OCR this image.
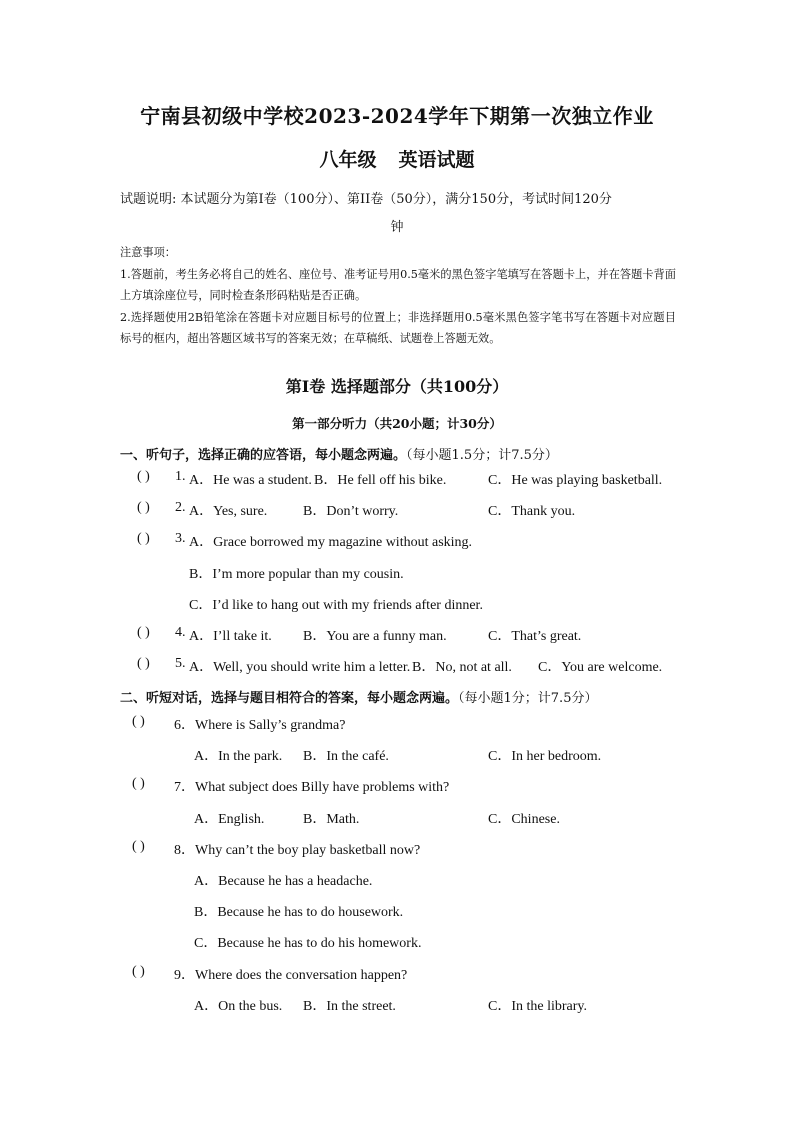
宁南县初级中学校2023-2024学年下期第一次独立作业
八年级 英语试题
试题说明: 本试题分为第I卷（100分）、第II卷（50分），满分150分，考试时间120分
钟
注意事项：
1.答题前，考生务必将自己的姓名、座位号、准考证号用0.5毫米的黑色签字笔填写在答题卡上，并在答题卡背面上方填涂座位号，同时检查条形码粘贴是否正确。
2.选择题使用2B铅笔涂在答题卡对应题目标号的位置上；非选择题用0.5毫米黑色签字笔书写在答题卡对应题目标号的框内，超出答题区域书写的答案无效；在草稿纸、试题卷上答题无效。
第I卷 选择题部分（共100分）
第一部分听力（共20小题；计30分）
一、听句子，选择正确的应答语，每小题念两遍。（每小题1.5分；计7.5分）
( ) 1. A．He was a student. B．He fell off his bike.	C．He was playing basketball.
( ) 2. A．Yes, sure.	B．Don’t worry.	C．Thank you.
( ) 3. A．Grace borrowed my magazine without asking.
B．I’m more popular than my cousin.
C．I’d like to hang out with my friends after dinner.
( ) 4. A．I’ll take it. B．You are a funny man.	C．That’s great.
( ) 5. A．Well, you should write him a letter. B．No, not at all. C．You are welcome.
二、听短对话，选择与题目相符合的答案，每小题念两遍。（每小题1分；计7.5分）
( ) 6．Where is Sally’s grandma?
A．In the park. B．In the café.	C．In her bedroom.
( ) 7．What subject does Billy have problems with?
A．English.	B．Math.	C．Chinese.
( ) 8．Why can’t the boy play basketball now?
A．Because he has a headache.
B．Because he has to do housework.
C．Because he has to do his homework.
( ) 9．Where does the conversation happen?
A．On the bus. B．In the street.	C．In the library.
